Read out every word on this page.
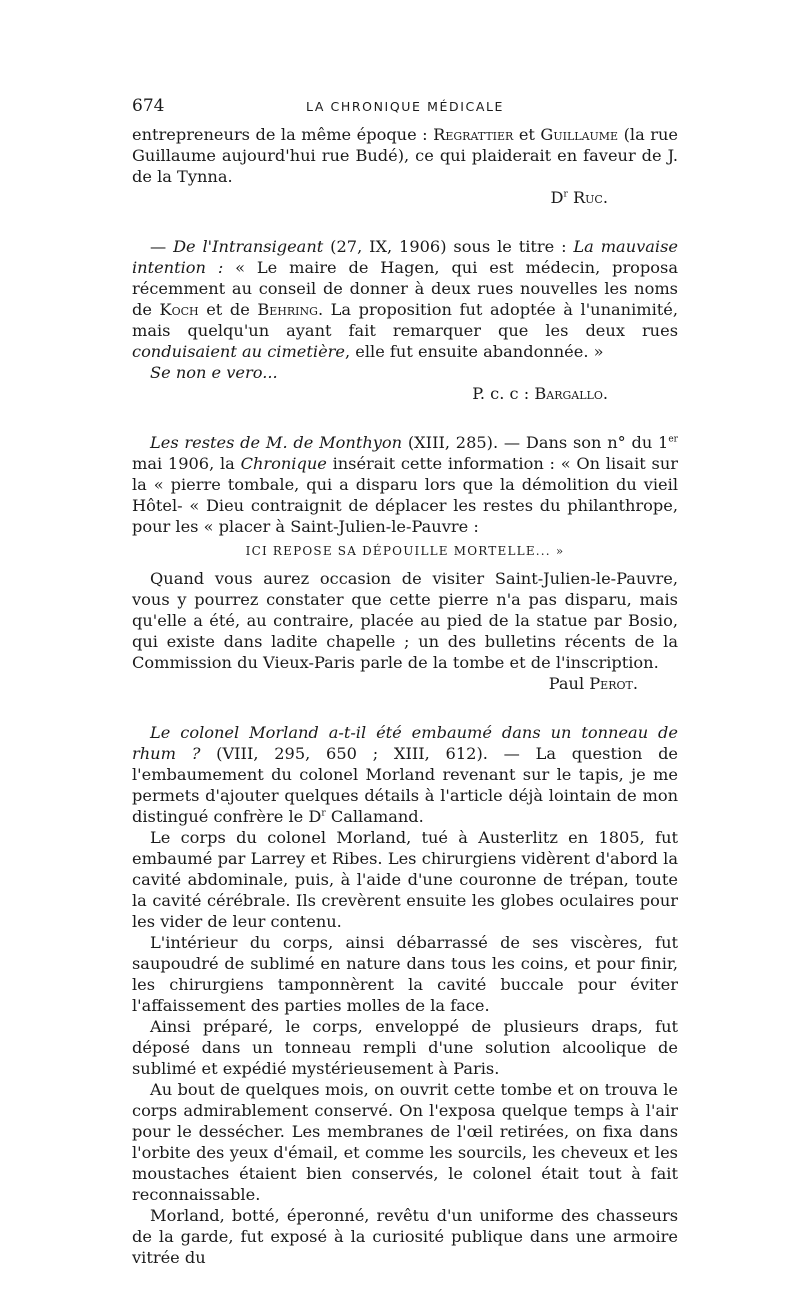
674	LA CHRONIQUE MÉDICALE

entrepreneurs de la même époque : Regrattier et Guillaume (la rue Guillaume aujourd'hui rue Budé), ce qui plaiderait en faveur de J. de la Tynna.

$D^r$ Ruc.

— De l'Intransigeant (27, IX, 1906) sous le titre : La mauvaise intention : « Le maire de Hagen, qui est médecin, proposa récemment au conseil de donner à deux rues nouvelles les noms de Koch et de Behring. La proposition fut adoptée à l'unanimité, mais quelqu'un ayant fait remarquer que les deux rues conduisaient au cimetière, elle fut ensuite abandonnée. »

Se non e vero...

P. c. c : Bargallo.

Les restes de M. de Monthyon (XIII, 285). — Dans son n° du 1er mai 1906, la Chronique insérait cette information : « On lisait sur la « pierre tombale, qui a disparu lors que la démolition du vieil Hôtel- « Dieu contraignit de déplacer les restes du philanthrope, pour les « placer à Saint-Julien-le-Pauvre :

ICI REPOSE SA DÉPOUILLE MORTELLE... »

Quand vous aurez occasion de visiter Saint-Julien-le-Pauvre, vous y pourrez constater que cette pierre n'a pas disparu, mais qu'elle a été, au contraire, placée au pied de la statue par Bosio, qui existe dans ladite chapelle ; un des bulletins récents de la Commission du Vieux-Paris parle de la tombe et de l'inscription.

Paul Perot.

Le colonel Morland a-t-il été embaumé dans un tonneau de rhum ? (VIII, 295, 650 ; XIII, 612). — La question de l'embaumement du colonel Morland revenant sur le tapis, je me permets d'ajouter quelques détails à l'article déjà lointain de mon distingué confrère le $D^r$ Callamand.

Le corps du colonel Morland, tué à Austerlitz en 1805, fut embaumé par Larrey et Ribes. Les chirurgiens vidèrent d'abord la cavité abdominale, puis, à l'aide d'une couronne de trépan, toute la cavité cérébrale. Ils crevèrent ensuite les globes oculaires pour les vider de leur contenu.

L'intérieur du corps, ainsi débarrassé de ses viscères, fut saupoudré de sublimé en nature dans tous les coins, et pour finir, les chirurgiens tamponnèrent la cavité buccale pour éviter l'affaissement des parties molles de la face.

Ainsi préparé, le corps, enveloppé de plusieurs draps, fut déposé dans un tonneau rempli d'une solution alcoolique de sublimé et expédié mystérieusement à Paris.

Au bout de quelques mois, on ouvrit cette tombe et on trouva le corps admirablement conservé. On l'exposa quelque temps à l'air pour le dessécher. Les membranes de l'œil retirées, on fixa dans l'orbite des yeux d'émail, et comme les sourcils, les cheveux et les moustaches étaient bien conservés, le colonel était tout à fait reconnaissable.

Morland, botté, éperonné, revêtu d'un uniforme des chasseurs de la garde, fut exposé à la curiosité publique dans une armoire vitrée du
